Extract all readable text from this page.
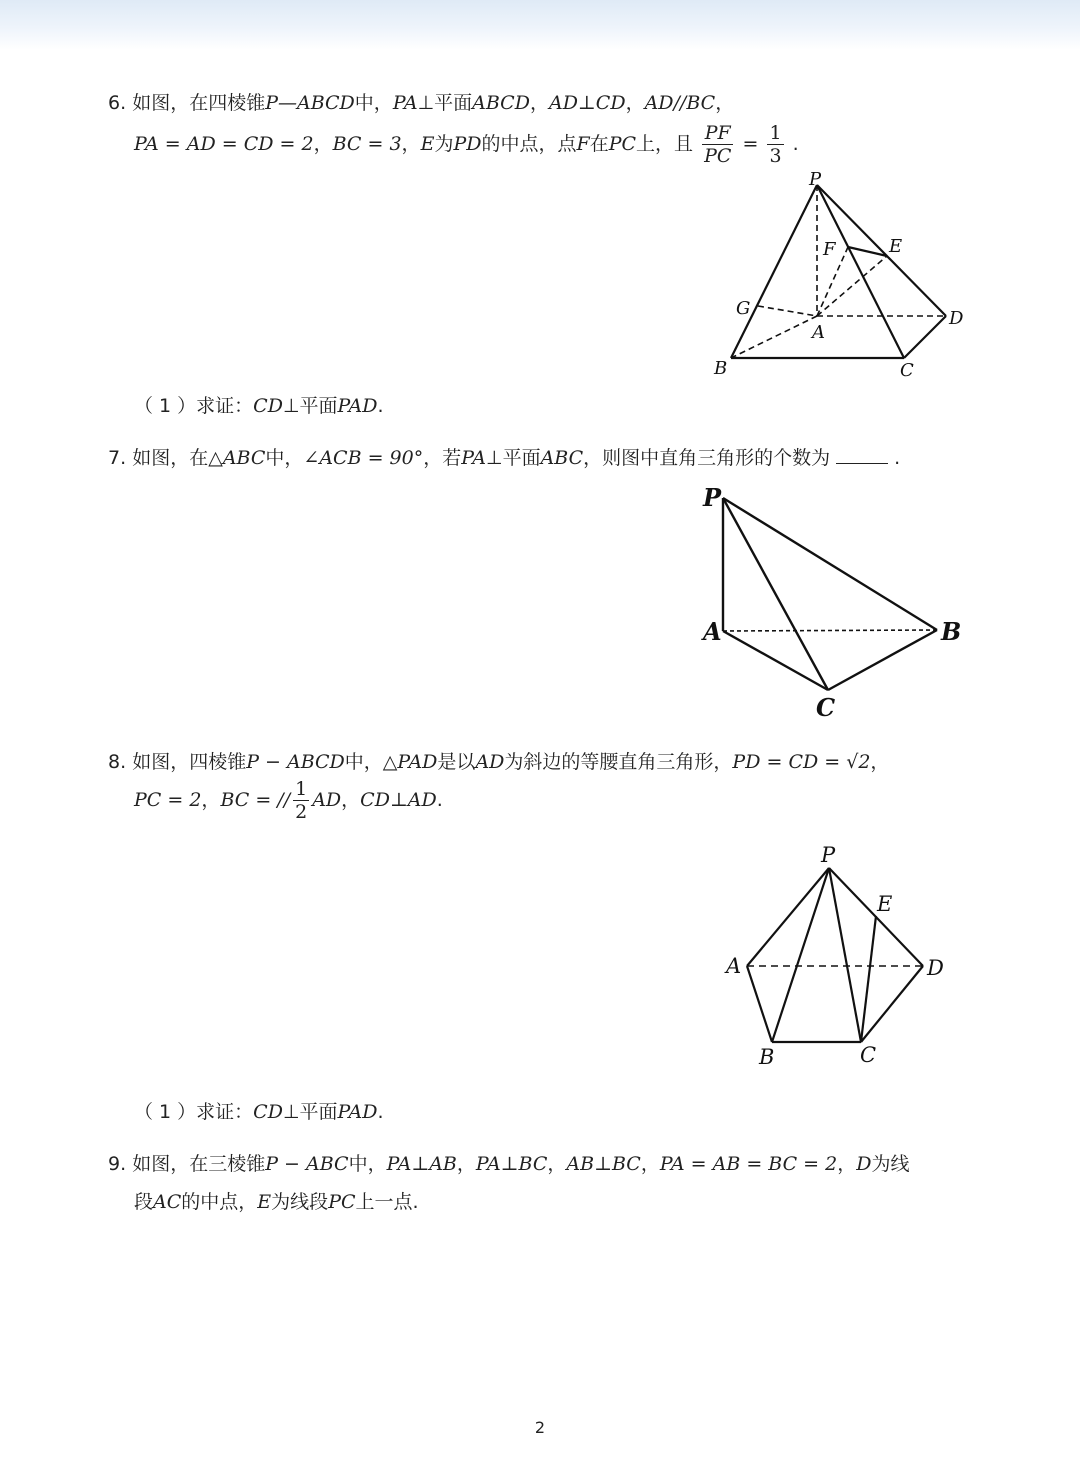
6. 如图，在四棱锥P—ABCD中，PA⊥平面ABCD，AD⊥CD，AD//BC，
PA = AD = CD = 2，BC = 3，E为PD的中点，点F在PC上，且 $\frac{PF}{PC} = \frac{1}{3}$ .
P
F	E
G
A
D
B	C
（ 1 ）求证：CD⊥平面PAD.
7. 如图，在△ABC中，∠ACB = 90°，若PA⊥平面ABC，则图中直角三角形的个数为	.
P
A	B
C
8. 如图，四棱锥P − ABCD中，△PAD是以AD为斜边的等腰直角三角形，PD = CD = √2，
PC = 2，BC = // $\frac{1}{2}$ AD，CD⊥AD.
P
E
A	D
B	C
（ 1 ）求证：CD⊥平面PAD.
9. 如图，在三棱锥P − ABC中，PA⊥AB，PA⊥BC，AB⊥BC，PA = AB = BC = 2，D为线
段AC的中点，E为线段PC上一点.
2
